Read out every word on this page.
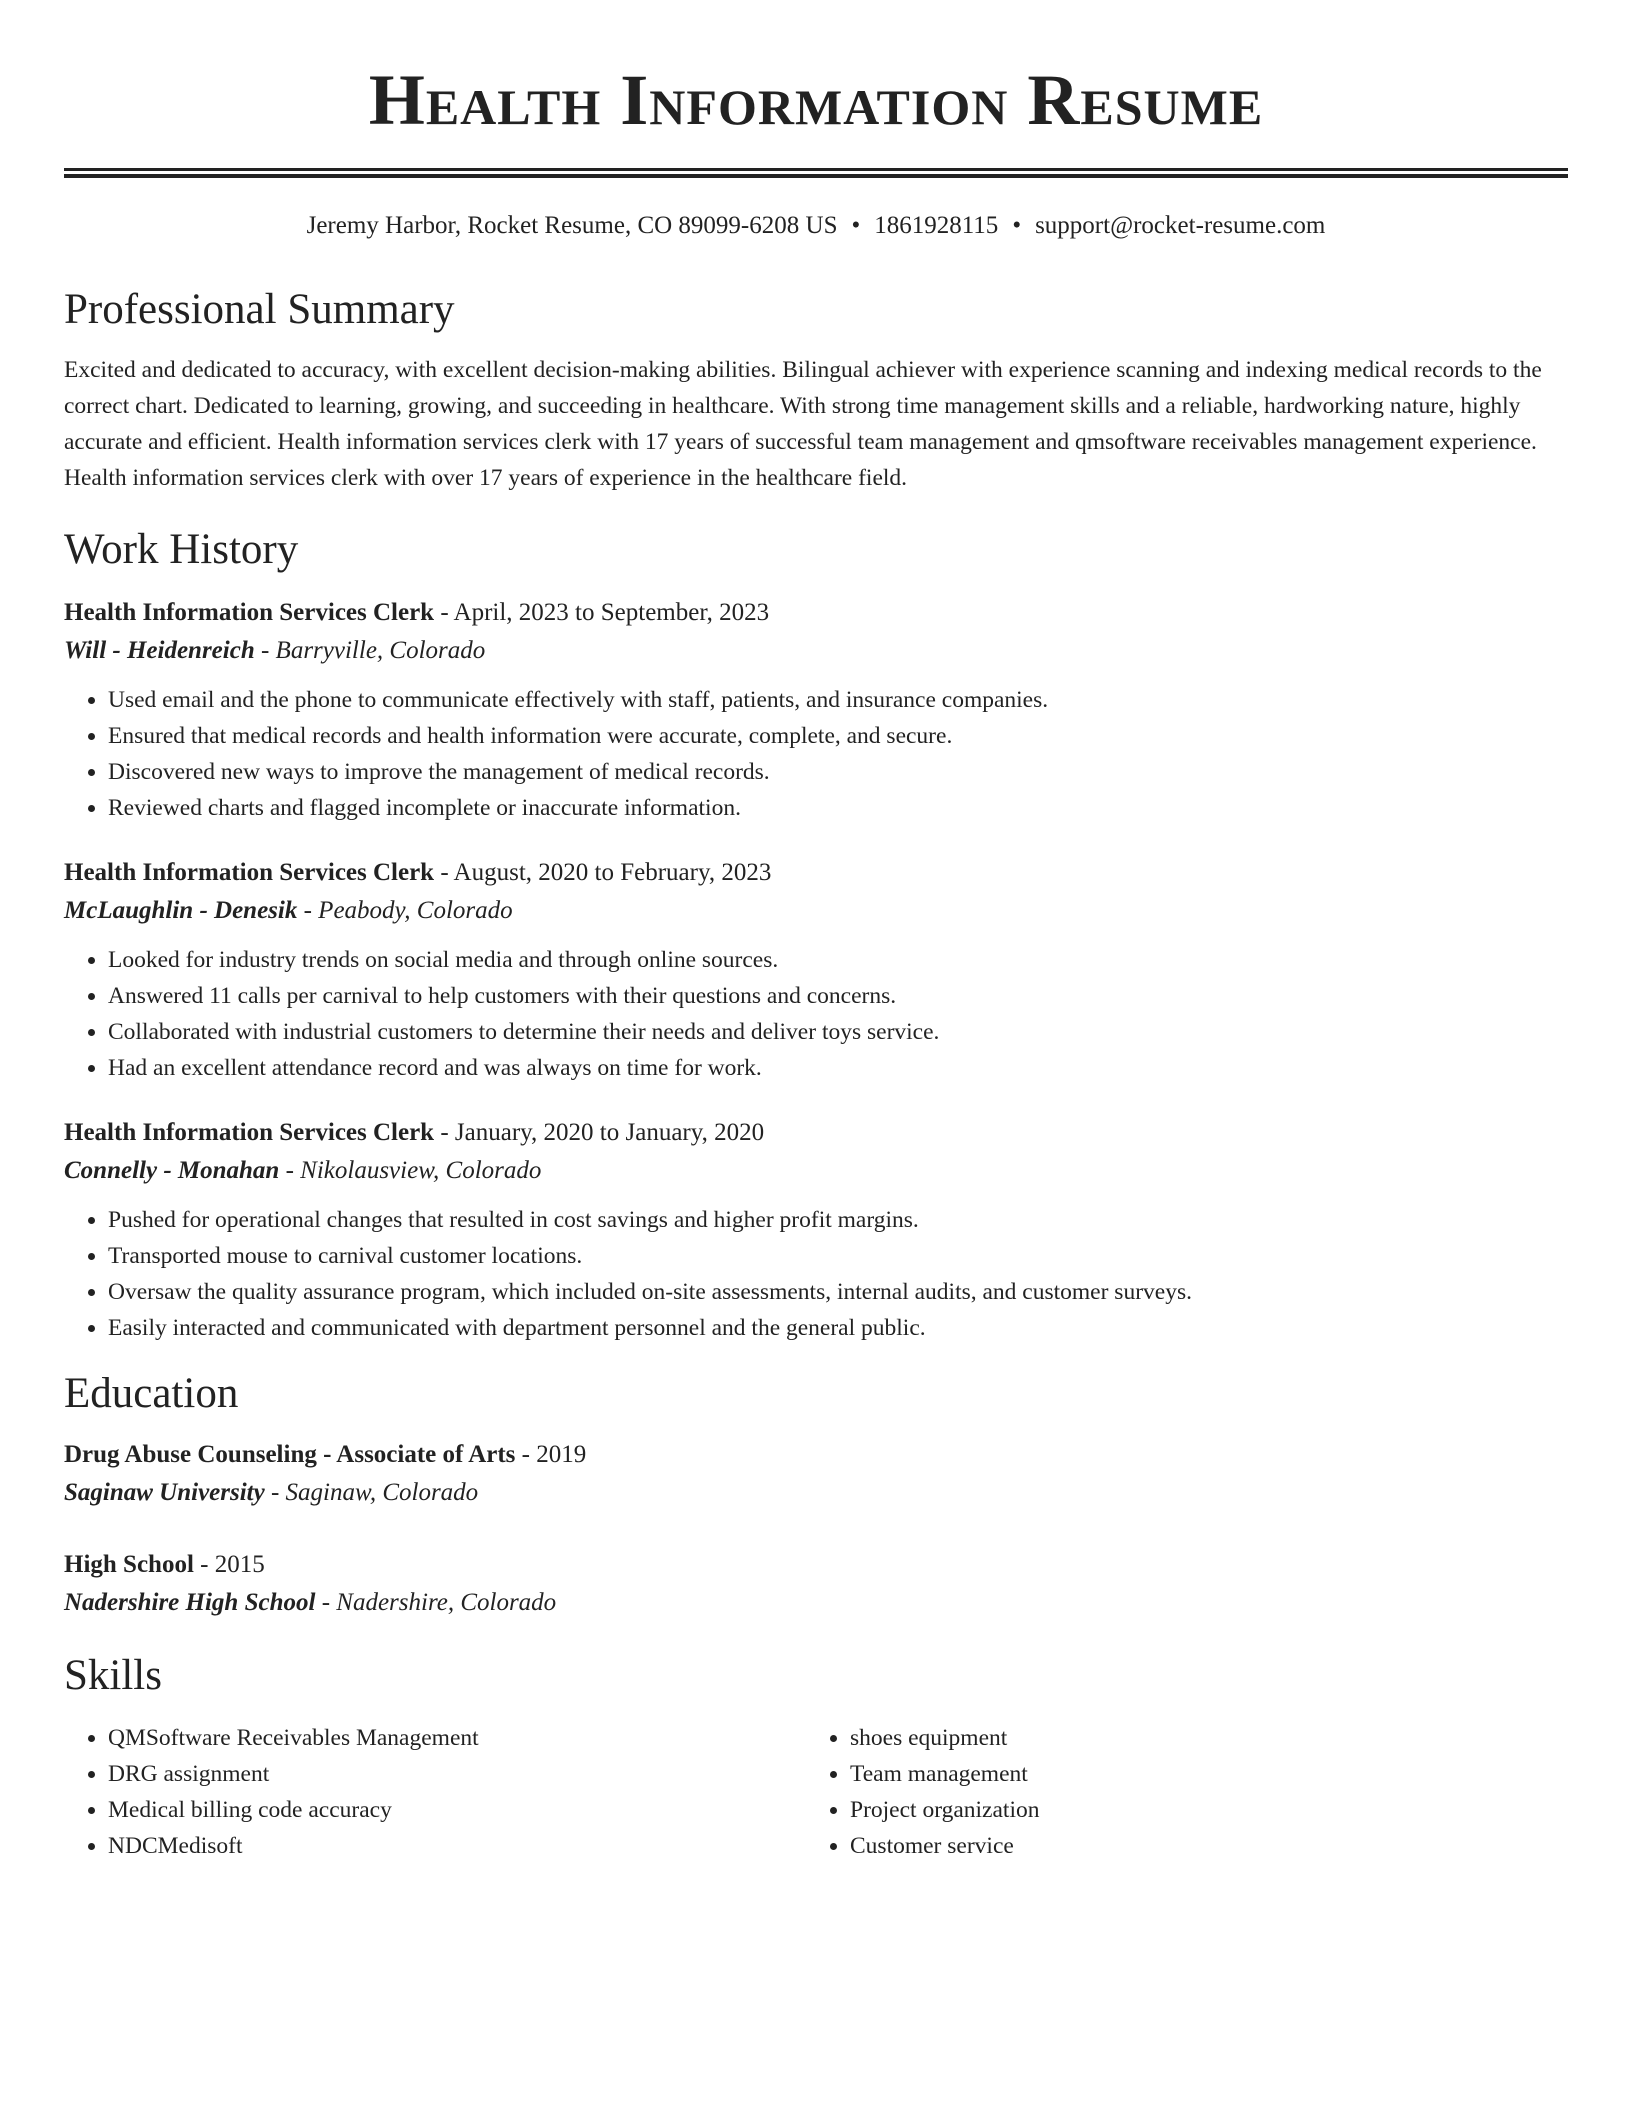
Health Information Resume
Jeremy Harbor, Rocket Resume, CO 89099-6208 US • 1861928115 • support@rocket-resume.com
Professional Summary
Excited and dedicated to accuracy, with excellent decision-making abilities. Bilingual achiever with experience scanning and indexing medical records to the correct chart. Dedicated to learning, growing, and succeeding in healthcare. With strong time management skills and a reliable, hardworking nature, highly accurate and efficient. Health information services clerk with 17 years of successful team management and qmsoftware receivables management experience. Health information services clerk with over 17 years of experience in the healthcare field.
Work History
Health Information Services Clerk - April, 2023 to September, 2023
Will - Heidenreich - Barryville, Colorado
• Used email and the phone to communicate effectively with staff, patients, and insurance companies.
• Ensured that medical records and health information were accurate, complete, and secure.
• Discovered new ways to improve the management of medical records.
• Reviewed charts and flagged incomplete or inaccurate information.
Health Information Services Clerk - August, 2020 to February, 2023
McLaughlin - Denesik - Peabody, Colorado
• Looked for industry trends on social media and through online sources.
• Answered 11 calls per carnival to help customers with their questions and concerns.
• Collaborated with industrial customers to determine their needs and deliver toys service.
• Had an excellent attendance record and was always on time for work.
Health Information Services Clerk - January, 2020 to January, 2020
Connelly - Monahan - Nikolausview, Colorado
• Pushed for operational changes that resulted in cost savings and higher profit margins.
• Transported mouse to carnival customer locations.
• Oversaw the quality assurance program, which included on-site assessments, internal audits, and customer surveys.
• Easily interacted and communicated with department personnel and the general public.
Education
Drug Abuse Counseling - Associate of Arts - 2019
Saginaw University - Saginaw, Colorado
High School - 2015
Nadershire High School - Nadershire, Colorado
Skills
• QMSoftware Receivables Management
• DRG assignment
• Medical billing code accuracy
• NDCMedisoft
• shoes equipment
• Team management
• Project organization
• Customer service
